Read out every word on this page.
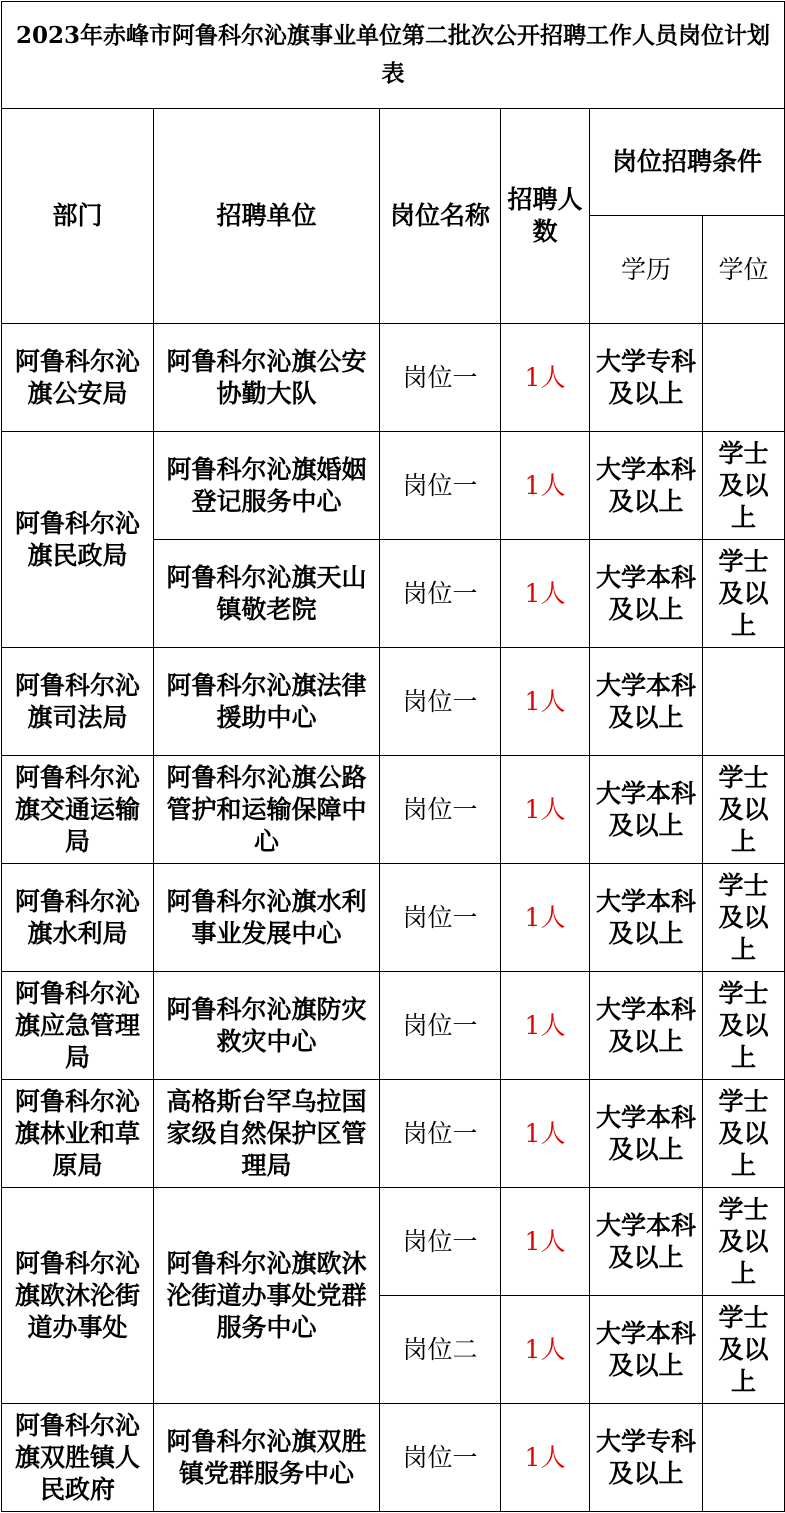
2023年赤峰市阿鲁科尔沁旗事业单位第二批次公开招聘工作人员岗位计划表					
部门	招聘单位	岗位名称	招聘人数	岗位招聘条件	
				学历	学位
阿鲁科尔沁旗公安局	阿鲁科尔沁旗公安协勤大队	岗位一	1人	大学专科及以上	
阿鲁科尔沁旗民政局	阿鲁科尔沁旗婚姻登记服务中心	岗位一	1人	大学本科及以上	学士及以上
	阿鲁科尔沁旗天山镇敬老院	岗位一	1人	大学本科及以上	学士及以上
阿鲁科尔沁旗司法局	阿鲁科尔沁旗法律援助中心	岗位一	1人	大学本科及以上	
阿鲁科尔沁旗交通运输局	阿鲁科尔沁旗公路管护和运输保障中心	岗位一	1人	大学本科及以上	学士及以上
阿鲁科尔沁旗水利局	阿鲁科尔沁旗水利事业发展中心	岗位一	1人	大学本科及以上	学士及以上
阿鲁科尔沁旗应急管理局	阿鲁科尔沁旗防灾救灾中心	岗位一	1人	大学本科及以上	学士及以上
阿鲁科尔沁旗林业和草原局	高格斯台罕乌拉国家级自然保护区管理局	岗位一	1人	大学本科及以上	学士及以上
阿鲁科尔沁旗欧沐沦街道办事处	阿鲁科尔沁旗欧沐沦街道办事处党群服务中心	岗位一	1人	大学本科及以上	学士及以上
		岗位二	1人	大学本科及以上	学士及以上
阿鲁科尔沁旗双胜镇人民政府	阿鲁科尔沁旗双胜镇党群服务中心	岗位一	1人	大学专科及以上	
